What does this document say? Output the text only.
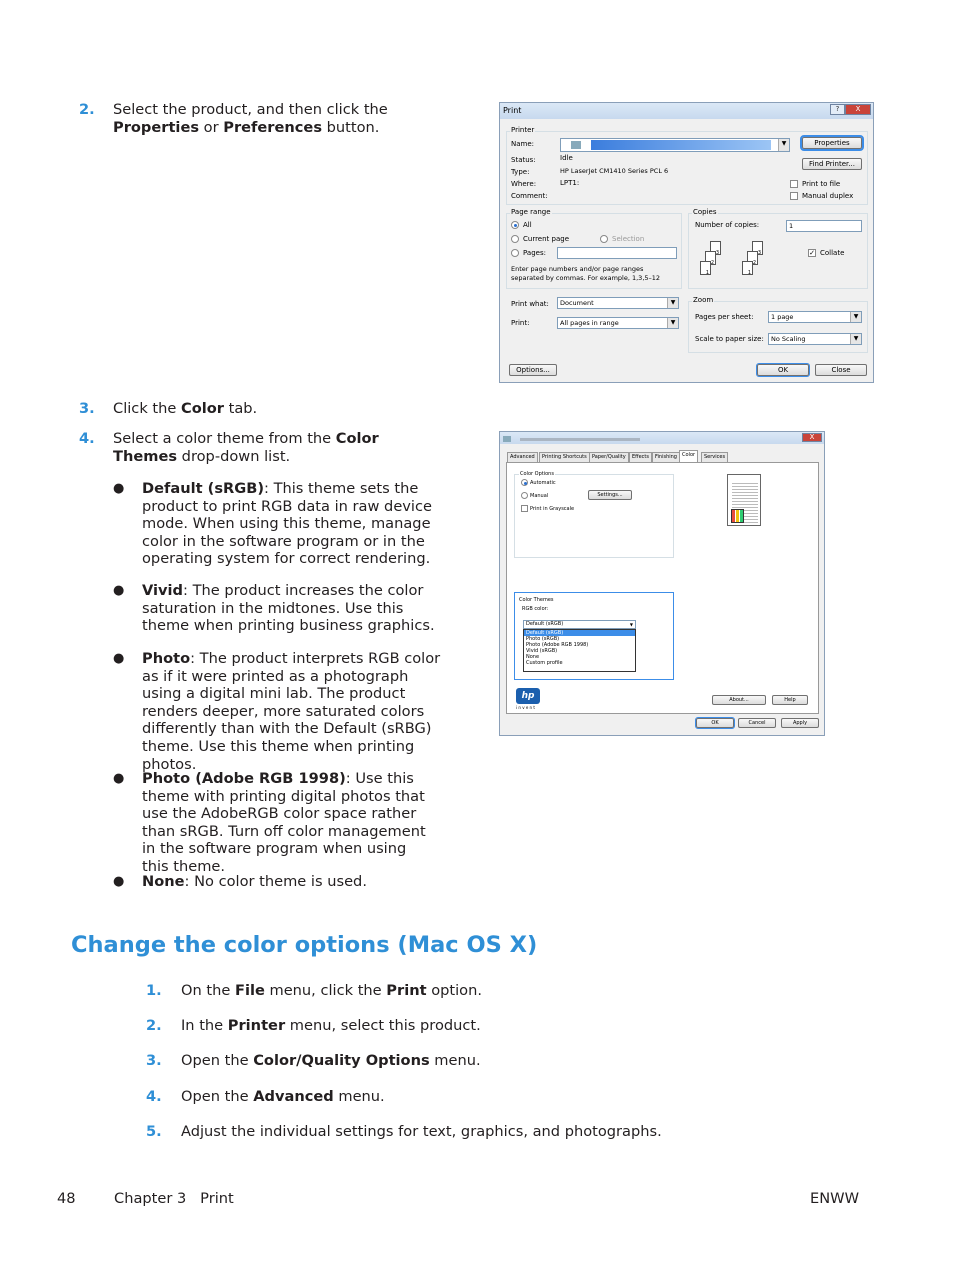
2. Select the product, and then click the Properties or Preferences button.
3. Click the Color tab.
4. Select a color theme from the Color Themes drop-down list.
● Default (sRGB): This theme sets the product to print RGB data in raw device mode. When using this theme, manage color in the software program or in the operating system for correct rendering.
● Vivid: The product increases the color saturation in the midtones. Use this theme when printing business graphics.
● Photo: The product interprets RGB color as if it were printed as a photograph using a digital mini lab. The product renders deeper, more saturated colors differently than with the Default (sRBG) theme. Use this theme when printing photos.
● Photo (Adobe RGB 1998): Use this theme with printing digital photos that use the AdobeRGB color space rather than sRGB. Turn off color management in the software program when using this theme.
● None: No color theme is used.
Change the color options (Mac OS X)
1. On the File menu, click the Print option.
2. In the Printer menu, select this product.
3. Open the Color/Quality Options menu.
4. Open the Advanced menu.
5. Adjust the individual settings for text, graphics, and photographs.
48	Chapter 3   Print	ENWW
Print	?	X
Printer
Name:	▼
Status:	Idle
Type:	HP LaserJet CM1410 Series PCL 6
Where:	LPT1:
Comment:
Properties
Find Printer...
Print to file
Manual duplex
Page range
All
Current page	Selection
Pages:
Enter page numbers and/or page ranges
separated by commas. For example, 1,3,5–12
Copies
Number of copies:	1
3
2
1
3
2
1
✓ Collate
Print what:	Document	▼
Print:	All pages in range	▼
Zoom
Pages per sheet:	1 page	▼
Scale to paper size:	No Scaling	▼
Options...	OK	Close

X
Advanced	Printing Shortcuts	Paper/Quality	Effects	Finishing	Color	Services
Color Options
Automatic
Manual	Settings...
Print in Grayscale
Color Themes
RGB color:
Default (sRGB)	▼
Default (sRGB)
Photo (sRGB)
Photo (Adobe RGB 1998)
Vivid (sRGB)
None
Custom profile
hp
i n v e n t
About...	Help
OK	Cancel	Apply
